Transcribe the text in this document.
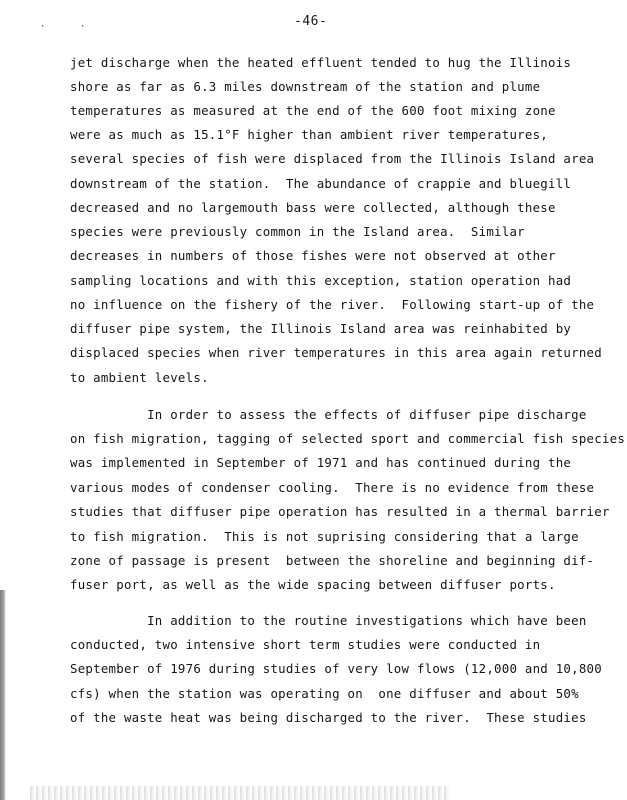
·	·	-46-
jet discharge when the heated effluent tended to hug the Illinois
shore as far as 6.3 miles downstream of the station and plume
temperatures as measured at the end of the 600 foot mixing zone
were as much as 15.1°F higher than ambient river temperatures,
several species of fish were displaced from the Illinois Island area
downstream of the station.  The abundance of crappie and bluegill
decreased and no largemouth bass were collected, although these
species were previously common in the Island area.  Similar
decreases in numbers of those fishes were not observed at other
sampling locations and with this exception, station operation had
no influence on the fishery of the river.  Following start-up of the
diffuser pipe system, the Illinois Island area was reinhabited by
displaced species when river temperatures in this area again returned
to ambient levels.
In order to assess the effects of diffuser pipe discharge
on fish migration, tagging of selected sport and commercial fish species
was implemented in September of 1971 and has continued during the
various modes of condenser cooling.  There is no evidence from these
studies that diffuser pipe operation has resulted in a thermal barrier
to fish migration.  This is not suprising considering that a large
zone of passage is present  between the shoreline and beginning dif-
fuser port, as well as the wide spacing between diffuser ports.
In addition to the routine investigations which have been
conducted, two intensive short term studies were conducted in
September of 1976 during studies of very low flows (12,000 and 10,800
cfs) when the station was operating on  one diffuser and about 50%
of the waste heat was being discharged to the river.  These studies
